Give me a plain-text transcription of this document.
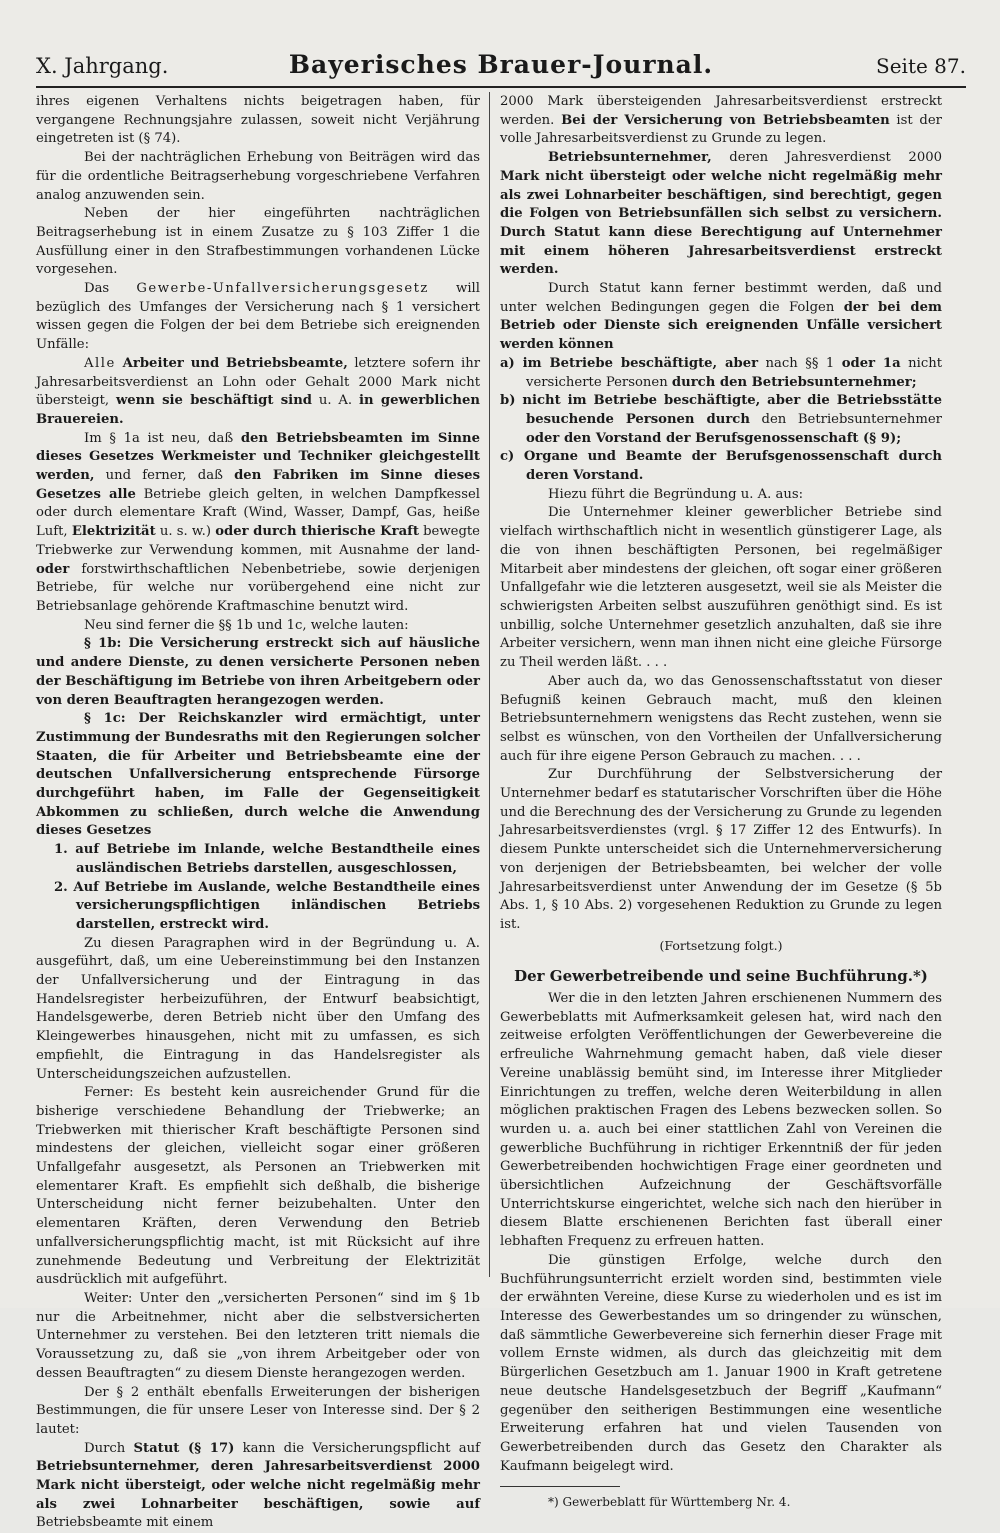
X. Jahrgang.	Bayerisches Brauer-Journal.	Seite 87.

ihres eigenen Verhaltens nichts beigetragen haben, für vergangene Rechnungsjahre zulassen, soweit nicht Verjährung eingetreten ist (§ 74).

Bei der nachträglichen Erhebung von Beiträgen wird das für die ordentliche Beitragserhebung vorgeschriebene Verfahren analog anzuwenden sein.

Neben der hier eingeführten nachträglichen Beitragserhebung ist in einem Zusatze zu § 103 Ziffer 1 die Ausfüllung einer in den Strafbestimmungen vorhandenen Lücke vorgesehen.

Das Gewerbe-Unfallversicherungsgesetz will bezüglich des Umfanges der Versicherung nach § 1 versichert wissen gegen die Folgen der bei dem Betriebe sich ereignenden Unfälle:

Alle Arbeiter und Betriebsbeamte, letztere sofern ihr Jahresarbeitsverdienst an Lohn oder Gehalt 2000 Mark nicht übersteigt, wenn sie beschäftigt sind u. A. in gewerblichen Brauereien.

Im § 1a ist neu, daß den Betriebsbeamten im Sinne dieses Gesetzes Werkmeister und Techniker gleichgestellt werden, und ferner, daß den Fabriken im Sinne dieses Gesetzes alle Betriebe gleich gelten, in welchen Dampfkessel oder durch elementare Kraft (Wind, Wasser, Dampf, Gas, heiße Luft, Elektrizität u. s. w.) oder durch thierische Kraft bewegte Triebwerke zur Verwendung kommen, mit Ausnahme der land- oder forstwirthschaftlichen Nebenbetriebe, sowie derjenigen Betriebe, für welche nur vorübergehend eine nicht zur Betriebsanlage gehörende Kraftmaschine benutzt wird.

Neu sind ferner die §§ 1b und 1c, welche lauten:

§ 1b: Die Versicherung erstreckt sich auf häusliche und andere Dienste, zu denen versicherte Personen neben der Beschäftigung im Betriebe von ihren Arbeitgebern oder von deren Beauftragten herangezogen werden.

§ 1c: Der Reichskanzler wird ermächtigt, unter Zustimmung der Bundesraths mit den Regierungen solcher Staaten, die für Arbeiter und Betriebsbeamte eine der deutschen Unfallversicherung entsprechende Fürsorge durchgeführt haben, im Falle der Gegenseitigkeit Abkommen zu schließen, durch welche die Anwendung dieses Gesetzes

1. auf Betriebe im Inlande, welche Bestandtheile eines ausländischen Betriebs darstellen, ausgeschlossen,

2. Auf Betriebe im Auslande, welche Bestandtheile eines versicherungspflichtigen inländischen Betriebs darstellen, erstreckt wird.

Zu diesen Paragraphen wird in der Begründung u. A. ausgeführt, daß, um eine Uebereinstimmung bei den Instanzen der Unfallversicherung und der Eintragung in das Handelsregister herbeizuführen, der Entwurf beabsichtigt, Handelsgewerbe, deren Betrieb nicht über den Umfang des Kleingewerbes hinausgehen, nicht mit zu umfassen, es sich empfiehlt, die Eintragung in das Handelsregister als Unterscheidungszeichen aufzustellen.

Ferner: Es besteht kein ausreichender Grund für die bisherige verschiedene Behandlung der Triebwerke; an Triebwerken mit thierischer Kraft beschäftigte Personen sind mindestens der gleichen, vielleicht sogar einer größeren Unfallgefahr ausgesetzt, als Personen an Triebwerken mit elementarer Kraft. Es empfiehlt sich deßhalb, die bisherige Unterscheidung nicht ferner beizubehalten. Unter den elementaren Kräften, deren Verwendung den Betrieb unfallversicherungspflichtig macht, ist mit Rücksicht auf ihre zunehmende Bedeutung und Verbreitung der Elektrizität ausdrücklich mit aufgeführt.

Weiter: Unter den „versicherten Personen“ sind im § 1b nur die Arbeitnehmer, nicht aber die selbstversicherten Unternehmer zu verstehen. Bei den letzteren tritt niemals die Voraussetzung zu, daß sie „von ihrem Arbeitgeber oder von dessen Beauftragten“ zu diesem Dienste herangezogen werden.

Der § 2 enthält ebenfalls Erweiterungen der bisherigen Bestimmungen, die für unsere Leser von Interesse sind. Der § 2 lautet:

Durch Statut (§ 17) kann die Versicherungspflicht auf Betriebsunternehmer, deren Jahresarbeitsverdienst 2000 Mark nicht übersteigt, oder welche nicht regelmäßig mehr als zwei Lohnarbeiter beschäftigen, sowie auf Betriebsbeamte mit einem

2000 Mark übersteigenden Jahresarbeitsverdienst erstreckt werden. Bei der Versicherung von Betriebsbeamten ist der volle Jahresarbeitsverdienst zu Grunde zu legen.

Betriebsunternehmer, deren Jahresverdienst 2000 Mark nicht übersteigt oder welche nicht regelmäßig mehr als zwei Lohnarbeiter beschäftigen, sind berechtigt, gegen die Folgen von Betriebsunfällen sich selbst zu versichern. Durch Statut kann diese Berechtigung auf Unternehmer mit einem höheren Jahresarbeitsverdienst erstreckt werden.

Durch Statut kann ferner bestimmt werden, daß und unter welchen Bedingungen gegen die Folgen der bei dem Betrieb oder Dienste sich ereignenden Unfälle versichert werden können

a) im Betriebe beschäftigte, aber nach §§ 1 oder 1a nicht versicherte Personen durch den Betriebsunternehmer;

b) nicht im Betriebe beschäftigte, aber die Betriebsstätte besuchende Personen durch den Betriebsunternehmer oder den Vorstand der Berufsgenossenschaft (§ 9);

c) Organe und Beamte der Berufsgenossenschaft durch deren Vorstand.

Hiezu führt die Begründung u. A. aus:

Die Unternehmer kleiner gewerblicher Betriebe sind vielfach wirthschaftlich nicht in wesentlich günstigerer Lage, als die von ihnen beschäftigten Personen, bei regelmäßiger Mitarbeit aber mindestens der gleichen, oft sogar einer größeren Unfallgefahr wie die letzteren ausgesetzt, weil sie als Meister die schwierigsten Arbeiten selbst auszuführen genöthigt sind. Es ist unbillig, solche Unternehmer gesetzlich anzuhalten, daß sie ihre Arbeiter versichern, wenn man ihnen nicht eine gleiche Fürsorge zu Theil werden läßt. . . .

Aber auch da, wo das Genossenschaftsstatut von dieser Befugniß keinen Gebrauch macht, muß den kleinen Betriebsunternehmern wenigstens das Recht zustehen, wenn sie selbst es wünschen, von den Vortheilen der Unfallversicherung auch für ihre eigene Person Gebrauch zu machen. . . .

Zur Durchführung der Selbstversicherung der Unternehmer bedarf es statutarischer Vorschriften über die Höhe und die Berechnung des der Versicherung zu Grunde zu legenden Jahresarbeitsverdienstes (vrgl. § 17 Ziffer 12 des Entwurfs). In diesem Punkte unterscheidet sich die Unternehmerversicherung von derjenigen der Betriebsbeamten, bei welcher der volle Jahresarbeitsverdienst unter Anwendung der im Gesetze (§ 5b Abs. 1, § 10 Abs. 2) vorgesehenen Reduktion zu Grunde zu legen ist.

(Fortsetzung folgt.)

Der Gewerbetreibende und seine Buchführung.*)

Wer die in den letzten Jahren erschienenen Nummern des Gewerbeblatts mit Aufmerksamkeit gelesen hat, wird nach den zeitweise erfolgten Veröffentlichungen der Gewerbevereine die erfreuliche Wahrnehmung gemacht haben, daß viele dieser Vereine unablässig bemüht sind, im Interesse ihrer Mitglieder Einrichtungen zu treffen, welche deren Weiterbildung in allen möglichen praktischen Fragen des Lebens bezwecken sollen. So wurden u. a. auch bei einer stattlichen Zahl von Vereinen die gewerbliche Buchführung in richtiger Erkenntniß der für jeden Gewerbetreibenden hochwichtigen Frage einer geordneten und übersichtlichen Aufzeichnung der Geschäftsvorfälle Unterrichtskurse eingerichtet, welche sich nach den hierüber in diesem Blatte erschienenen Berichten fast überall einer lebhaften Frequenz zu erfreuen hatten.

Die günstigen Erfolge, welche durch den Buchführungsunterricht erzielt worden sind, bestimmten viele der erwähnten Vereine, diese Kurse zu wiederholen und es ist im Interesse des Gewerbestandes um so dringender zu wünschen, daß sämmtliche Gewerbevereine sich fernerhin dieser Frage mit vollem Ernste widmen, als durch das gleichzeitig mit dem Bürgerlichen Gesetzbuch am 1. Januar 1900 in Kraft getretene neue deutsche Handelsgesetzbuch der Begriff „Kaufmann“ gegenüber den seitherigen Bestimmungen eine wesentliche Erweiterung erfahren hat und vielen Tausenden von Gewerbetreibenden durch das Gesetz den Charakter als Kaufmann beigelegt wird.

*) Gewerbeblatt für Württemberg Nr. 4.
